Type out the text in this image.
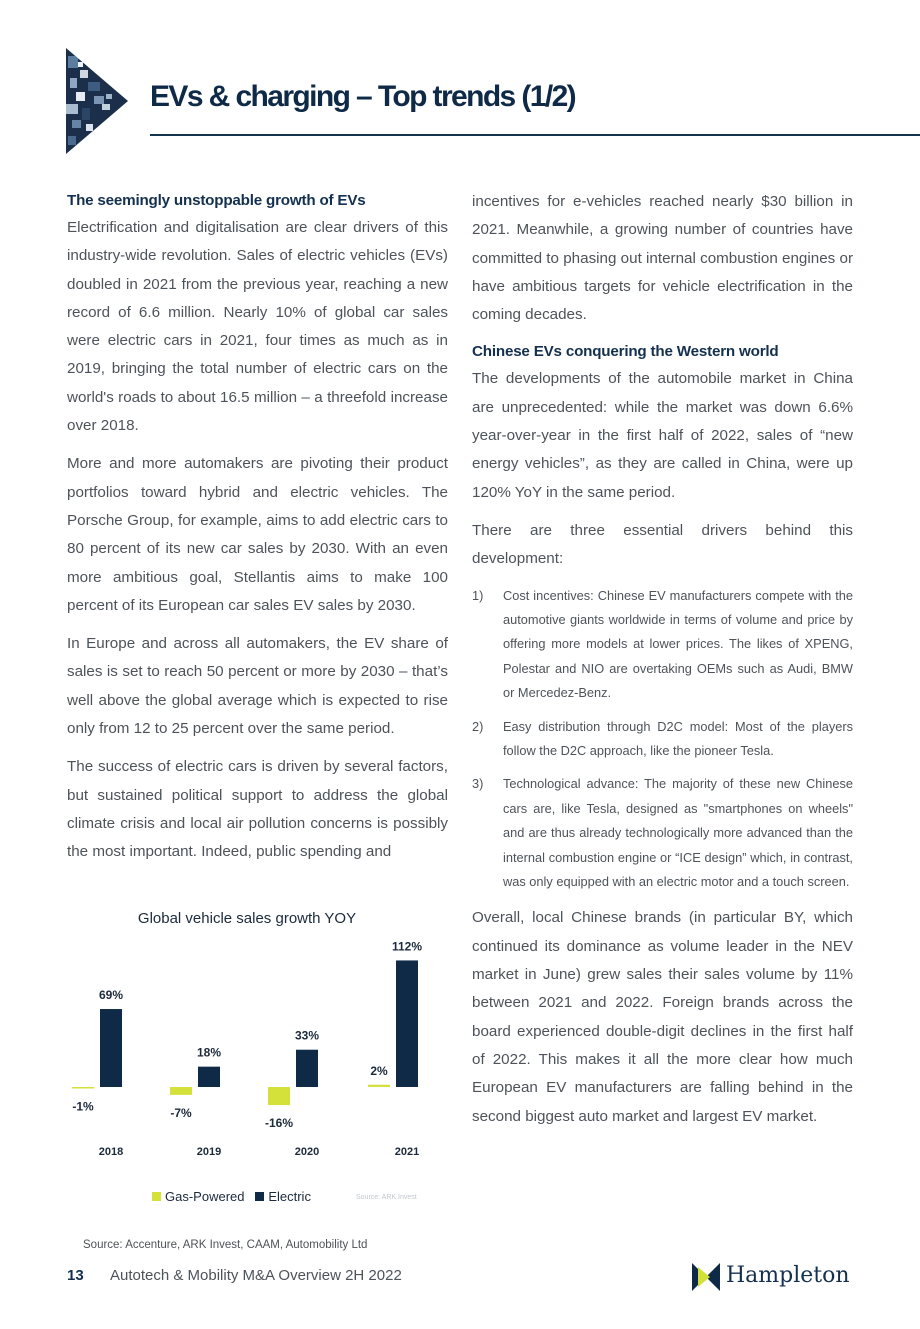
EVs & charging – Top trends (1/2)
The seemingly unstoppable growth of EVs

Electrification and digitalisation are clear drivers of this industry-wide revolution. Sales of electric vehicles (EVs) doubled in 2021 from the previous year, reaching a new record of 6.6 million. Nearly 10% of global car sales were electric cars in 2021, four times as much as in 2019, bringing the total number of electric cars on the world's roads to about 16.5 million – a threefold increase over 2018.

More and more automakers are pivoting their product portfolios toward hybrid and electric vehicles. The Porsche Group, for example, aims to add electric cars to 80 percent of its new car sales by 2030. With an even more ambitious goal, Stellantis aims to make 100 percent of its European car sales EV sales by 2030.

In Europe and across all automakers, the EV share of sales is set to reach 50 percent or more by 2030 – that’s well above the global average which is expected to rise only from 12 to 25 percent over the same period.

The success of electric cars is driven by several factors, but sustained political support to address the global climate crisis and local air pollution concerns is possibly the most important. Indeed, public spending and

incentives for e-vehicles reached nearly $30 billion in 2021. Meanwhile, a growing number of countries have committed to phasing out internal combustion engines or have ambitious targets for vehicle electrification in the coming decades.

Chinese EVs conquering the Western world

The developments of the automobile market in China are unprecedented: while the market was down 6.6% year-over-year in the first half of 2022, sales of “new energy vehicles”, as they are called in China, were up 120% YoY in the same period.

There are three essential drivers behind this development:

1) Cost incentives: Chinese EV manufacturers compete with the automotive giants worldwide in terms of volume and price by offering more models at lower prices. The likes of XPENG, Polestar and NIO are overtaking OEMs such as Audi, BMW or Mercedez-Benz.
2) Easy distribution through D2C model: Most of the players follow the D2C approach, like the pioneer Tesla.
3) Technological advance: The majority of these new Chinese cars are, like Tesla, designed as "smartphones on wheels" and are thus already technologically more advanced than the internal combustion engine or “ICE design” which, in contrast, was only equipped with an electric motor and a touch screen.

Overall, local Chinese brands (in particular BY, which continued its dominance as volume leader in the NEV market in June) grew sales their sales volume by 11% between 2021 and 2022. Foreign brands across the board experienced double-digit declines in the first half of 2022. This makes it all the more clear how much European EV manufacturers are falling behind in the second biggest auto market and largest EV market.

Global vehicle sales growth YOY
-1%
69%
2018
-7%
18%
2019
-16%
33%
2020
2%
112%
2021
Gas-Powered Electric	Source: ARK Invest
Source: Accenture, ARK Invest, CAAM, Automobility Ltd
13 Autotech & Mobility M&A Overview 2H 2022	Hampleton
